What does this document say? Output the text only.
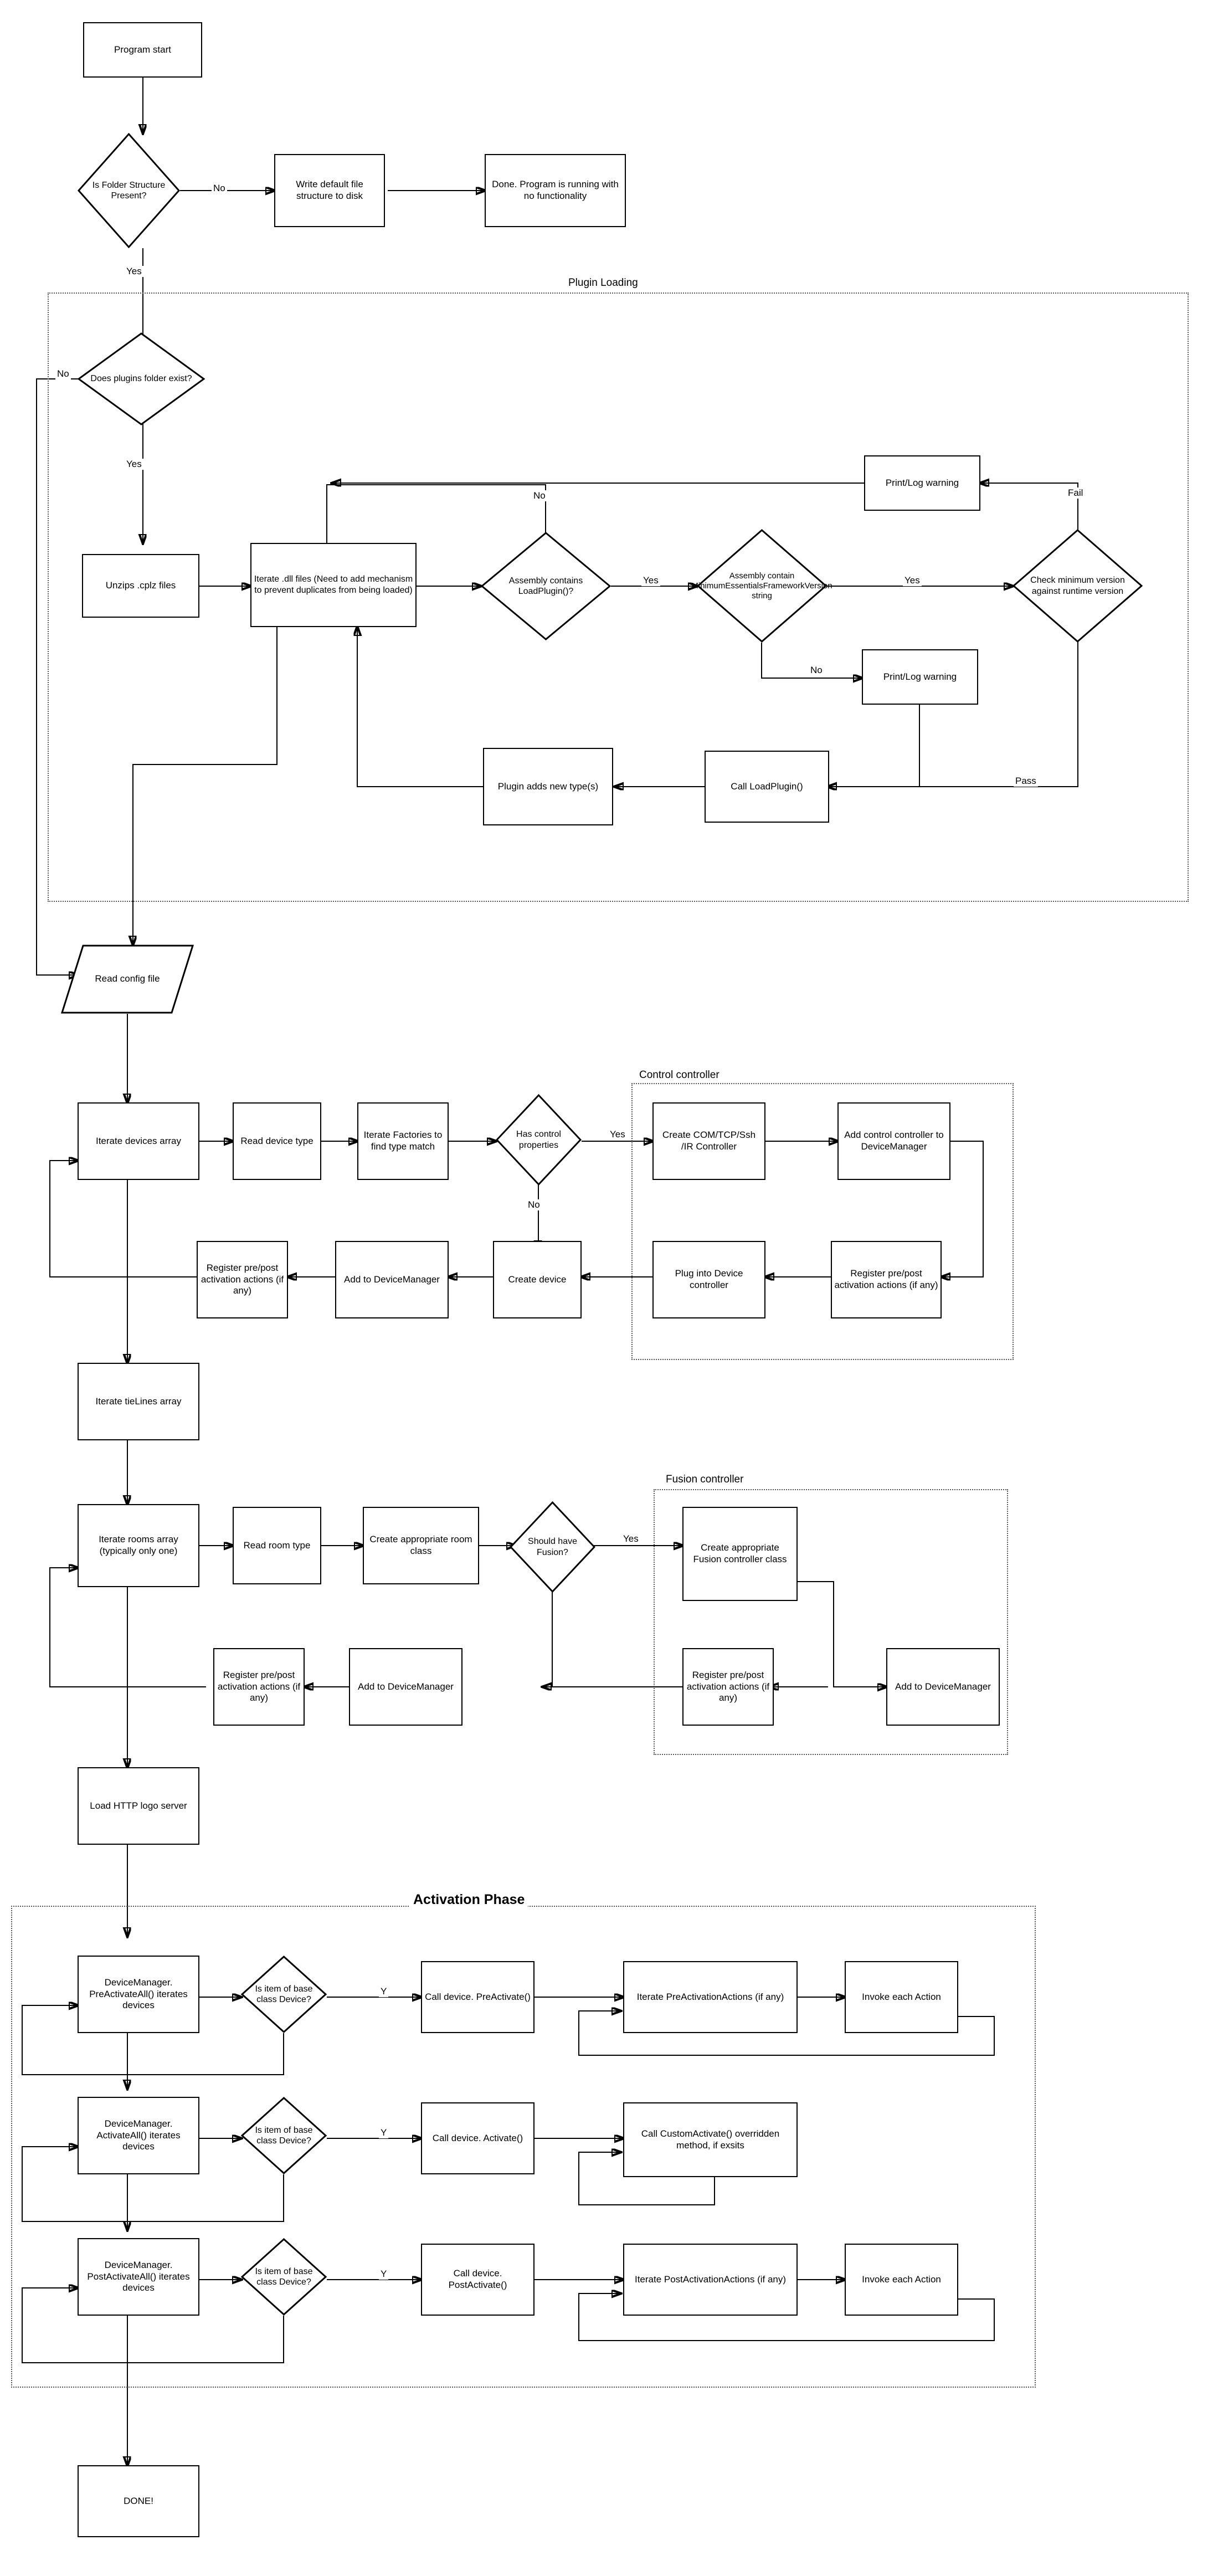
Plugin Loading
Control controller
Fusion controller
Activation Phase
Program start
Is Folder Structure Present?
Write default file structure to disk
Done. Program is running with no functionality
Does plugins folder exist?
Unzips .cplz files
Iterate .dll files (Need to add mechanism to prevent duplicates from being loaded)
Assembly contains LoadPlugin()?
Assembly contain MinimumEssentialsFrameworkVersion string
Print/Log warning
Print/Log warning
Check minimum version against runtime version
Call LoadPlugin()
Plugin adds new type(s)
Read config file
Iterate devices array	Read device type
Iterate Factories to find type match
Has control properties
Create COM/TCP/Ssh /IR Controller
Add control controller to DeviceManager
Register pre/post activation actions (if any)
Plug into Device controller
Create device
Add to DeviceManager
Register pre/post activation actions (if any)
Iterate tieLines array
Iterate rooms array (typically only one)
Read room type
Create appropriate room class
Should have Fusion?	Create appropriate Fusion controller class
Add to DeviceManager
Register pre/post activation actions (if any)
Add to DeviceManager
Register pre/post activation actions (if any)
Load HTTP logo server
DeviceManager. PreActivateAll() iterates devices
Is item of base class Device?	Call device. PreActivate()	Iterate PreActivationActions (if any)	Invoke each Action
DeviceManager. ActivateAll() iterates devices
Is item of base class Device?	Call device. Activate()	Call CustomActivate() overridden method, if exsits
DeviceManager. PostActivateAll() iterates devices
Is item of base class Device?
Call device. PostActivate()
Iterate PostActivationActions (if any)	Invoke each Action
DONE!
No
Yes
No
Yes
No
Yes
No
Yes
Fail
Pass
Yes
No
Yes
Y
Y
Y
